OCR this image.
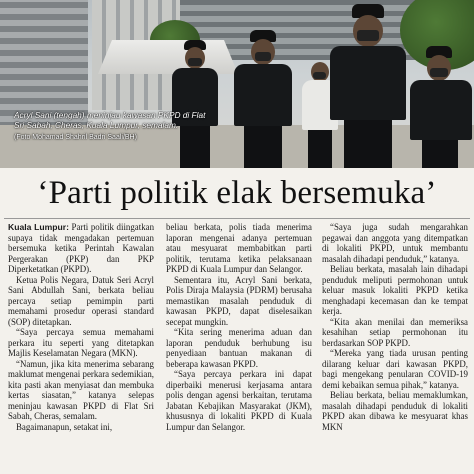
Acryl Sani (tengah) meninjau kawasan PKPD di Flat Sri Sabah, Cheras, Kuala Lumpur, semalam.
(Foto Mohamad Shahril Badri Saali/BH)
‘Parti politik elak bersemuka’

Kuala Lumpur: Parti politik diingatkan supaya tidak mengadakan pertemuan bersemuka ketika Perintah Kawalan Pergerakan (PKP) dan PKP Diperketatkan (PKPD).

Ketua Polis Negara, Datuk Seri Acryl Sani Abdullah Sani, berkata beliau percaya setiap pemimpin parti memahami prosedur operasi standard (SOP) ditetapkan.

“Saya percaya semua memahami perkara itu seperti yang ditetapkan Majlis Keselamatan Negara (MKN).

“Namun, jika kita menerima sebarang maklumat mengenai perkara sedemikian, kita pasti akan menyiasat dan membuka kertas siasatan,” katanya selepas meninjau kawasan PKPD di Flat Sri Sabah, Cheras, semalam.

Bagaimanapun, setakat ini,

beliau berkata, polis tiada menerima laporan mengenai adanya pertemuan atau mesyuarat membabitkan parti politik, terutama ketika pelaksanaan PKPD di Kuala Lumpur dan Selangor.

Sementara itu, Acryl Sani berkata, Polis Diraja Malaysia (PDRM) berusaha memastikan masalah penduduk di kawasan PKPD, dapat diselesaikan secepat mungkin.

“Kita sering menerima aduan dan laporan penduduk berhubung isu penyediaan bantuan makanan di beberapa kawasan PKPD.

“Saya percaya perkara ini dapat diperbaiki menerusi kerjasama antara polis dengan agensi berkaitan, terutama Jabatan Kebajikan Masyarakat (JKM), khususnya di lokaliti PKPD di Kuala Lumpur dan Selangor.

“Saya juga sudah mengarahkan pegawai dan anggota yang ditempatkan di lokaliti PKPD, untuk membantu masalah dihadapi penduduk,” katanya.

Beliau berkata, masalah lain dihadapi penduduk meliputi permohonan untuk keluar masuk lokaliti PKPD ketika menghadapi kecemasan dan ke tempat kerja.

“Kita akan menilai dan memeriksa kesahihan setiap permohonan itu berdasarkan SOP PKPD.

“Mereka yang tiada urusan penting dilarang keluar dari kawasan PKPD, bagi mengekang penularan COVID-19 demi kebaikan semua pihak,” katanya.

Beliau berkata, beliau memaklumkan, masalah dihadapi penduduk di lokaliti PKPD akan dibawa ke mesyuarat khas MKN
